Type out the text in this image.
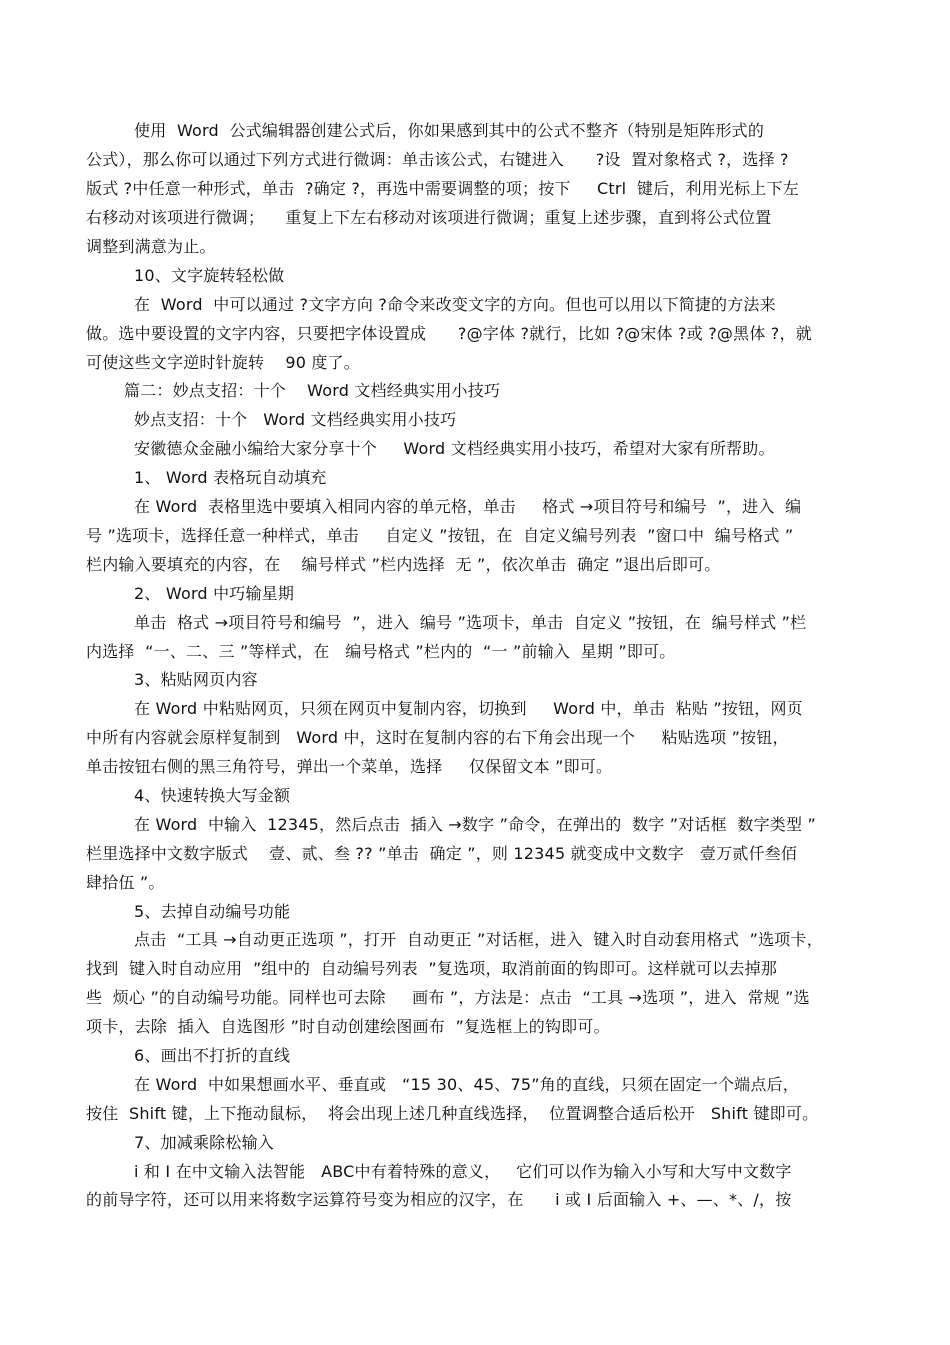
使用  Word  公式编辑器创建公式后，你如果感到其中的公式不整齐（特别是矩阵形式的
公式），那么你可以通过下列方式进行微调：单击该公式，右键进入      ?设  置对象格式 ?，选择 ?
版式 ?中任意一种形式，单击  ?确定 ?，再选中需要调整的项；按下     Ctrl  键后，利用光标上下左
右移动对该项进行微调；    重复上下左右移动对该项进行微调；重复上述步骤，直到将公式位置
调整到满意为止。
10、文字旋转轻松做
在  Word  中可以通过 ?文字方向 ?命令来改变文字的方向。但也可以用以下简捷的方法来
做。选中要设置的文字内容，只要把字体设置成      ?@字体 ?就行，比如 ?@宋体 ?或 ?@黑体 ?，就
可使这些文字逆时针旋转    90 度了。
篇二：妙点支招：十个    Word 文档经典实用小技巧
妙点支招：十个   Word 文档经典实用小技巧
安徽德众金融小编给大家分享十个     Word 文档经典实用小技巧，希望对大家有所帮助。
1、 Word 表格玩自动填充
在 Word  表格里选中要填入相同内容的单元格，单击     格式 →项目符号和编号  ”，进入  编
号 ”选项卡，选择任意一种样式，单击     自定义 ”按钮，在  自定义编号列表  ”窗口中  编号格式 ”
栏内输入要填充的内容，在    编号样式 ”栏内选择  无 ”，依次单击  确定 ”退出后即可。
2、 Word 中巧输星期
单击  格式 →项目符号和编号  ”，进入  编号 ”选项卡，单击  自定义 ”按钮，在  编号样式 ”栏
内选择  “一、二、三 ”等样式，在   编号格式 ”栏内的  “一 ”前输入  星期 ”即可。
3、粘贴网页内容
在 Word 中粘贴网页，只须在网页中复制内容，切换到     Word 中，单击  粘贴 ”按钮，网页
中所有内容就会原样复制到   Word 中，这时在复制内容的右下角会出现一个     粘贴选项 ”按钮，
单击按钮右侧的黑三角符号，弹出一个菜单，选择     仅保留文本 ”即可。
4、快速转换大写金额
在 Word  中输入  12345，然后点击  插入 →数字 ”命令，在弹出的  数字 ”对话框  数字类型 ”
栏里选择中文数字版式    壹、贰、叁 ?? ”单击  确定 ”，则 12345 就变成中文数字   壹万贰仟叁佰
肆拾伍 ”。
5、去掉自动编号功能
点击  “工具 →自动更正选项 ”，打开  自动更正 ”对话框，进入  键入时自动套用格式  ”选项卡，
找到  键入时自动应用  ”组中的  自动编号列表  ”复选项，取消前面的钩即可。这样就可以去掉那
些  烦心 ”的自动编号功能。同样也可去除     画布 ”，方法是：点击  “工具 →选项 ”，进入  常规 ”选
项卡，去除  插入  自选图形 ”时自动创建绘图画布  ”复选框上的钩即可。
6、画出不打折的直线
在 Word  中如果想画水平、垂直或   “15 30、45、75”角的直线，只须在固定一个端点后，
按住  Shift 键，上下拖动鼠标，  将会出现上述几种直线选择，  位置调整合适后松开   Shift 键即可。
7、加减乘除松输入
i 和 I 在中文输入法智能   ABC中有着特殊的意义，   它们可以作为输入小写和大写中文数字
的前导字符，还可以用来将数字运算符号变为相应的汉字，在      i 或 I 后面输入 +、—、*、/，按
